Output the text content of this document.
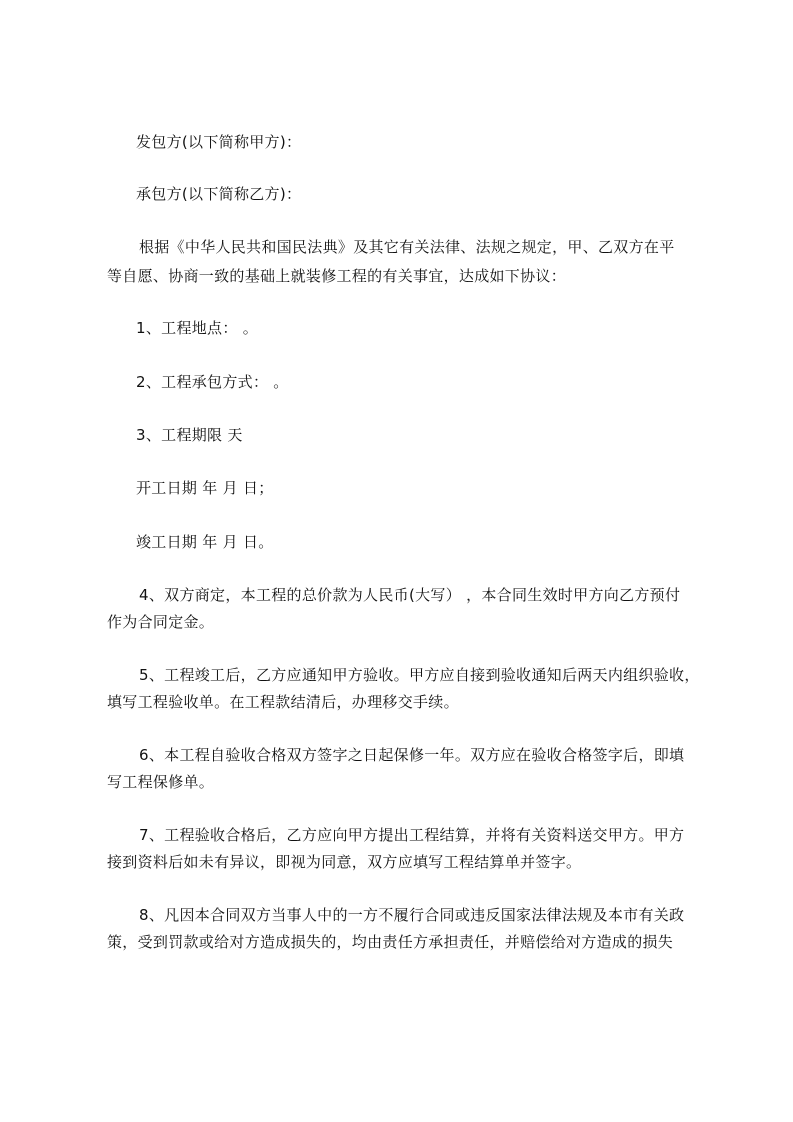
发包方(以下简称甲方)：
承包方(以下简称乙方)：
根据《中华人民共和国民法典》及其它有关法律、法规之规定，甲、乙双方在平
等自愿、协商一致的基础上就装修工程的有关事宜，达成如下协议：
1、工程地点： 。
2、工程承包方式： 。
3、工程期限 天
开工日期 年 月 日；
竣工日期 年 月 日。
4、双方商定，本工程的总价款为人民币(大写） ，本合同生效时甲方向乙方预付
作为合同定金。
5、工程竣工后，乙方应通知甲方验收。甲方应自接到验收通知后两天内组织验收，
填写工程验收单。在工程款结清后，办理移交手续。
6、本工程自验收合格双方签字之日起保修一年。双方应在验收合格签字后，即填
写工程保修单。
7、工程验收合格后，乙方应向甲方提出工程结算，并将有关资料送交甲方。甲方
接到资料后如未有异议，即视为同意，双方应填写工程结算单并签字。
8、凡因本合同双方当事人中的一方不履行合同或违反国家法律法规及本市有关政
策，受到罚款或给对方造成损失的，均由责任方承担责任，并赔偿给对方造成的损失
